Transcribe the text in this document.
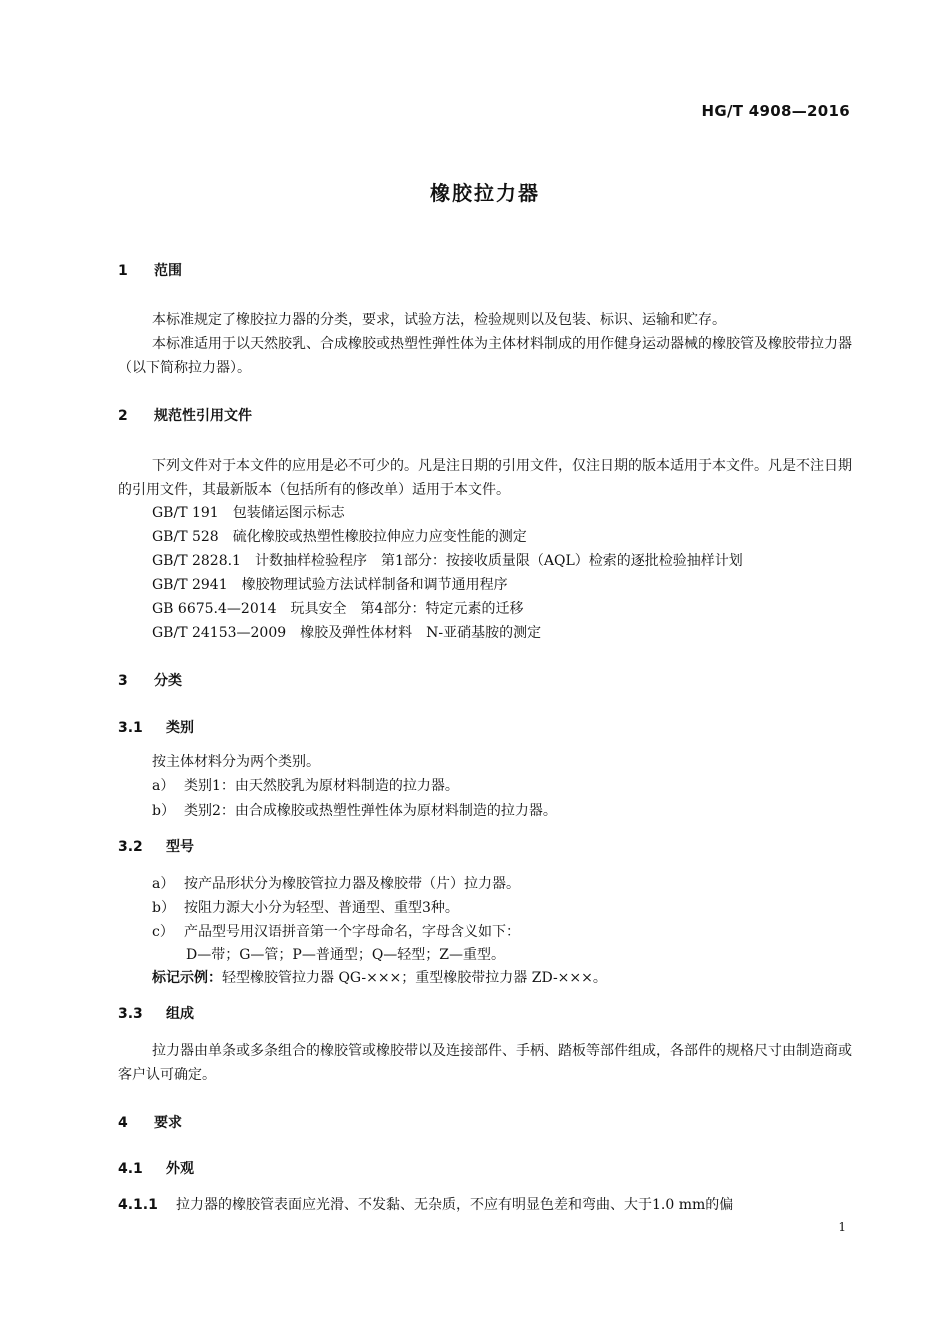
HG/T 4908—2016
橡胶拉力器
1 范围
本标准规定了橡胶拉力器的分类，要求，试验方法，检验规则以及包装、标识、运输和贮存。
本标准适用于以天然胶乳、合成橡胶或热塑性弹性体为主体材料制成的用作健身运动器械的橡胶管及橡胶带拉力器（以下简称拉力器）。
2 规范性引用文件
下列文件对于本文件的应用是必不可少的。凡是注日期的引用文件，仅注日期的版本适用于本文件。凡是不注日期的引用文件，其最新版本（包括所有的修改单）适用于本文件。
GB/T 191 包装储运图示标志
GB/T 528 硫化橡胶或热塑性橡胶拉伸应力应变性能的测定
GB/T 2828.1 计数抽样检验程序　第1部分：按接收质量限（AQL）检索的逐批检验抽样计划
GB/T 2941 橡胶物理试验方法试样制备和调节通用程序
GB 6675.4—2014 玩具安全　第4部分：特定元素的迁移
GB/T 24153—2009 橡胶及弹性体材料　N-亚硝基胺的测定
3 分类
3.1 类别
按主体材料分为两个类别。
a） 类别1：由天然胶乳为原材料制造的拉力器。
b） 类别2：由合成橡胶或热塑性弹性体为原材料制造的拉力器。
3.2 型号
a） 按产品形状分为橡胶管拉力器及橡胶带（片）拉力器。
b） 按阻力源大小分为轻型、普通型、重型3种。
c） 产品型号用汉语拼音第一个字母命名，字母含义如下：
D—带；G—管；P—普通型；Q—轻型；Z—重型。
标记示例：轻型橡胶管拉力器 QG-×××；重型橡胶带拉力器 ZD-×××。
3.3 组成
拉力器由单条或多条组合的橡胶管或橡胶带以及连接部件、手柄、踏板等部件组成，各部件的规格尺寸由制造商或客户认可确定。
4 要求
4.1 外观
4.1.1 拉力器的橡胶管表面应光滑、不发黏、无杂质，不应有明显色差和弯曲、大于1.0 mm的偏
1
